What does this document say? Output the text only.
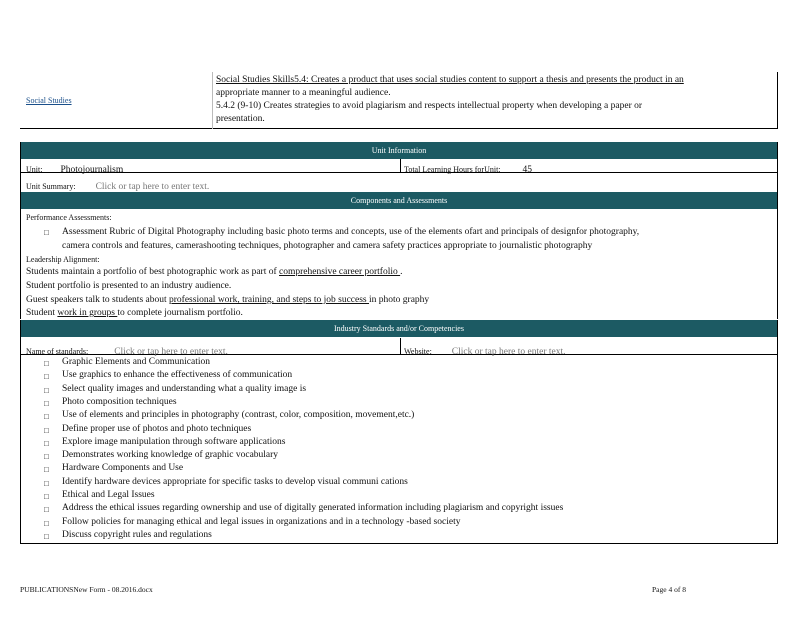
Social Studies
Social Studies Skills5.4: Creates a product that uses social studies content to support a thesis and presents the product in an
appropriate manner to a meaningful audience.
5.4.2 (9-10) Creates strategies to avoid plagiarism and respects intellectual property when developing a paper or
presentation.
Unit Information
Unit: Photojournalism	Total Learning Hours forUnit: 45
Unit Summary: Click or tap here to enter text.
Components and Assessments
Performance Assessments:
□ Assessment Rubric of Digital Photography including basic photo terms and concepts, use of the elements ofart and principals of designfor photography,
camera controls and features, camerashooting techniques, photographer and camera safety practices appropriate to journalistic photography
Leadership Alignment:
Students maintain a portfolio of best photographic work as part of comprehensive career portfolio .
Student portfolio is presented to an industry audience.
Guest speakers talk to students about professional work, training, and steps to job success in photo graphy
Student work in groups to complete journalism portfolio.
Industry Standards and/or Competencies
Name of standards:	Click or tap here to enter text.	Website: Click or tap here to enter text.
□	Graphic Elements and Communication
□	Use graphics to enhance the effectiveness of communication
□	Select quality images and understanding what a quality image is
□	Photo composition techniques
□	Use of elements and principles in photography (contrast, color, composition, movement,etc.)
□	Define proper use of photos and photo techniques
□	Explore image manipulation through software applications
□	Demonstrates working knowledge of graphic vocabulary
□	Hardware Components and Use
□	Identify hardware devices appropriate for specific tasks to develop visual communi cations
□	Ethical and Legal Issues
□	Address the ethical issues regarding ownership and use of digitally generated information including plagiarism and copyright issues
□	Follow policies for managing ethical and legal issues in organizations and in a technology -based society
□	Discuss copyright rules and regulations
PUBLICATIONSNew Form - 08.2016.docx	Page 4 of 8
